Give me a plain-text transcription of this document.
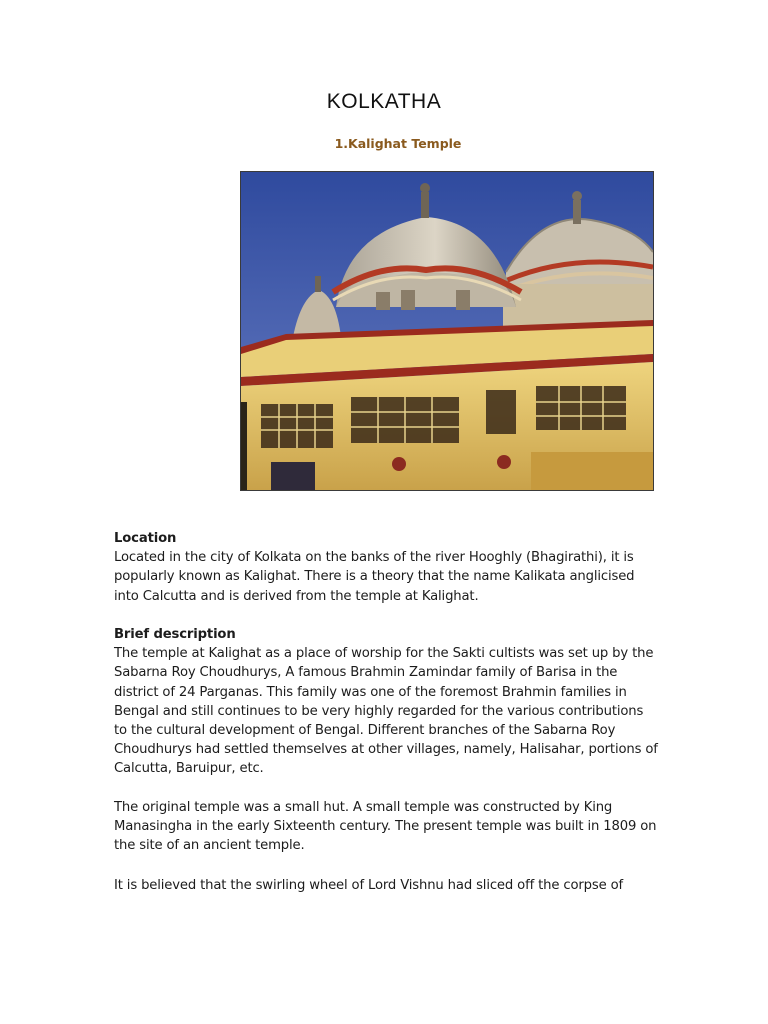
KOLKATHA
1.Kalighat Temple

Location

Located in the city of Kolkata on the banks of the river Hooghly (Bhagirathi), it is popularly known as Kalighat. There is a theory that the name Kalikata anglicised into Calcutta and is derived from the temple at Kalighat.

Brief description

The temple at Kalighat as a place of worship for the Sakti cultists was set up by the Sabarna Roy Choudhurys, A famous Brahmin Zamindar family of Barisa in the district of 24 Parganas. This family was one of the foremost Brahmin families in Bengal and still continues to be very highly regarded for the various contributions to the cultural development of Bengal. Different branches of the Sabarna Roy Choudhurys had settled themselves at other villages, namely, Halisahar, portions of Calcutta, Baruipur, etc.

The original temple was a small hut. A small temple was constructed by King Manasingha in the early Sixteenth century. The present temple was built in 1809 on the site of an ancient temple.

It is believed that the swirling wheel of Lord Vishnu had sliced off the corpse of
